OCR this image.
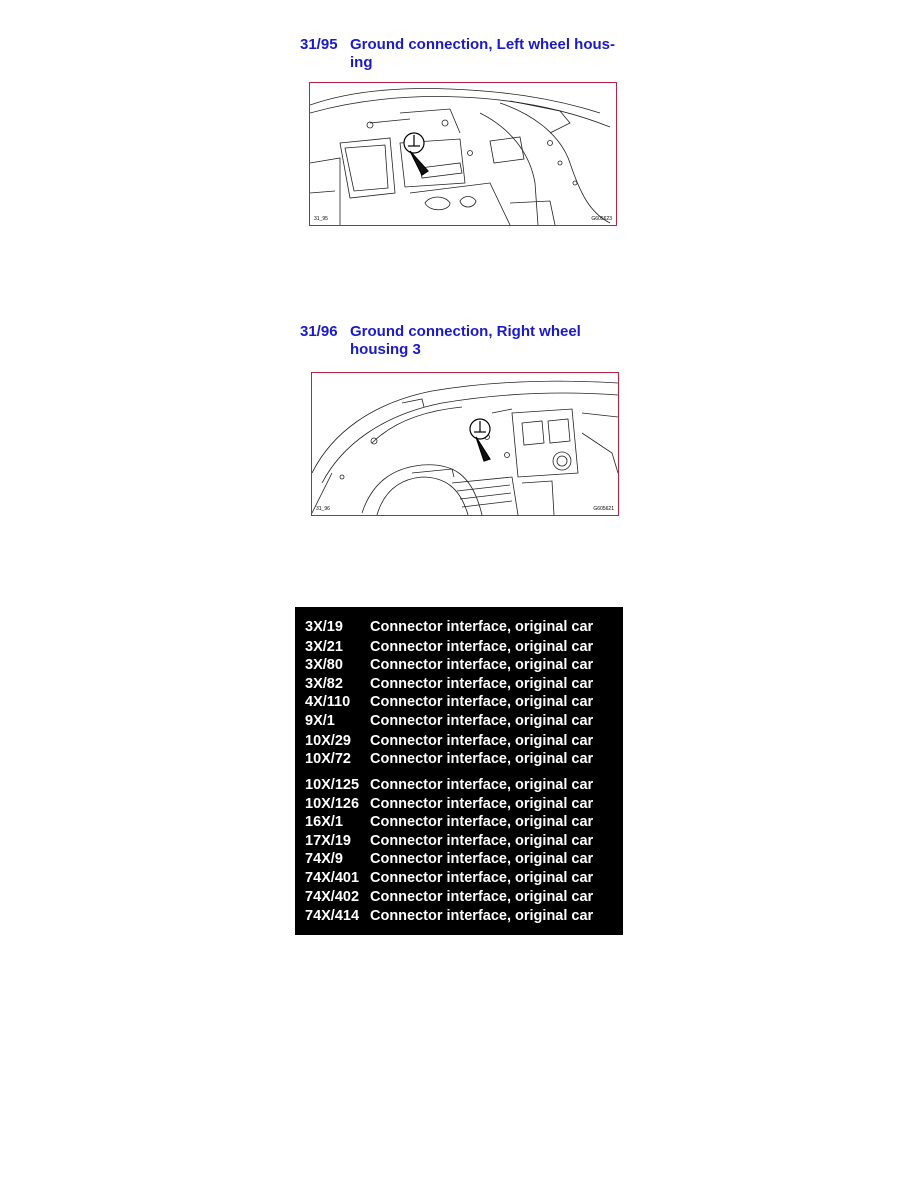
31/95 Ground connection, Left wheel hous-ing
31_95	G605623
31/96 Ground connection, Right wheel housing 3
31_96	G605621
3X/19 Connector interface, original car
3X/21 Connector interface, original car
3X/80 Connector interface, original car
3X/82 Connector interface, original car
4X/110 Connector interface, original car
9X/1 Connector interface, original car
10X/29 Connector interface, original car
10X/72 Connector interface, original car
10X/125 Connector interface, original car
10X/126 Connector interface, original car
16X/1 Connector interface, original car
17X/19 Connector interface, original car
74X/9 Connector interface, original car
74X/401 Connector interface, original car
74X/402 Connector interface, original car
74X/414 Connector interface, original car
